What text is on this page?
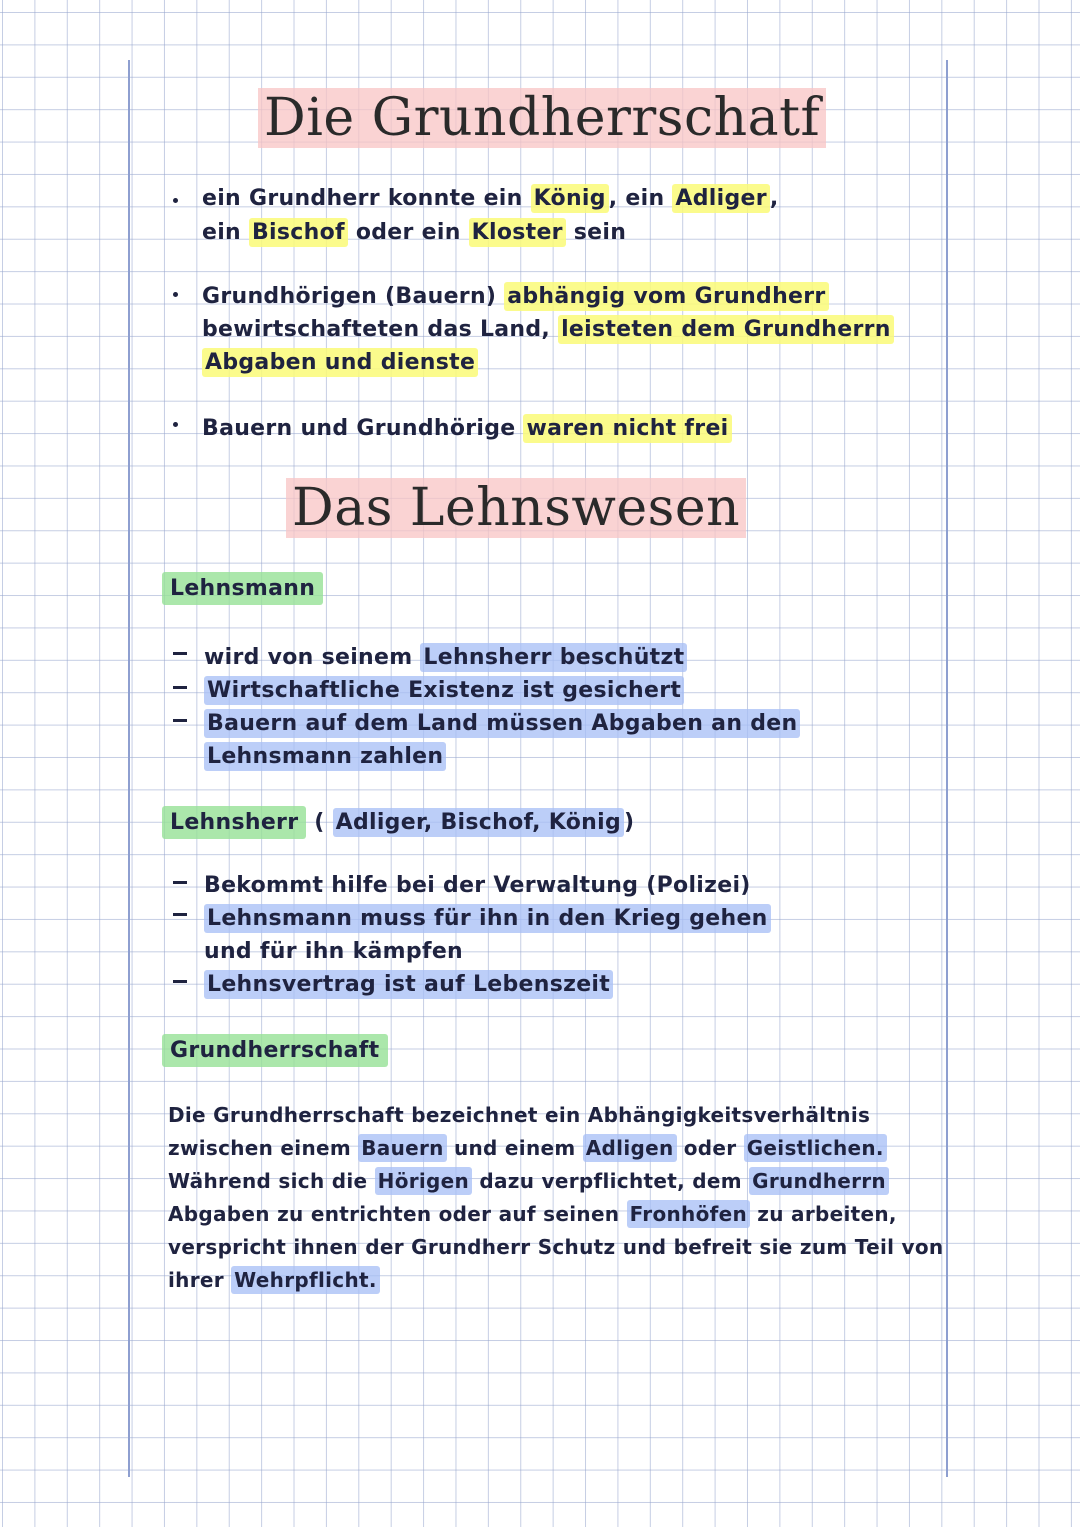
Die Grundherrschatf
ein Grundherr konnte ein König , ein Adliger ,
ein Bischof oder ein Kloster sein
Grundhörigen (Bauern) abhängig vom Grundherr
bewirtschafteten das Land, leisteten dem Grundherrn
Abgaben und dienste
Bauern und Grundhörige waren nicht frei
Das Lehnswesen
Lehnsmann
wird von seinem Lehnsherr beschützt
Wirtschaftliche Existenz ist gesichert
Bauern auf dem Land müssen Abgaben an den
Lehnsmann zahlen
Lehnsherr ( Adliger, Bischof, König )
Bekommt hilfe bei der Verwaltung (Polizei)
Lehnsmann muss für ihn in den Krieg gehen
und für ihn kämpfen
Lehnsvertrag ist auf Lebenszeit
Grundherrschaft
Die Grundherrschaft bezeichnet ein Abhängigkeitsverhältnis
zwischen einem Bauern und einem Adligen oder Geistlichen.
Während sich die Hörigen dazu verpflichtet, dem Grundherrn
Abgaben zu entrichten oder auf seinen Fronhöfen zu arbeiten,
verspricht ihnen der Grundherr Schutz und befreit sie zum Teil von
ihrer Wehrpflicht.
